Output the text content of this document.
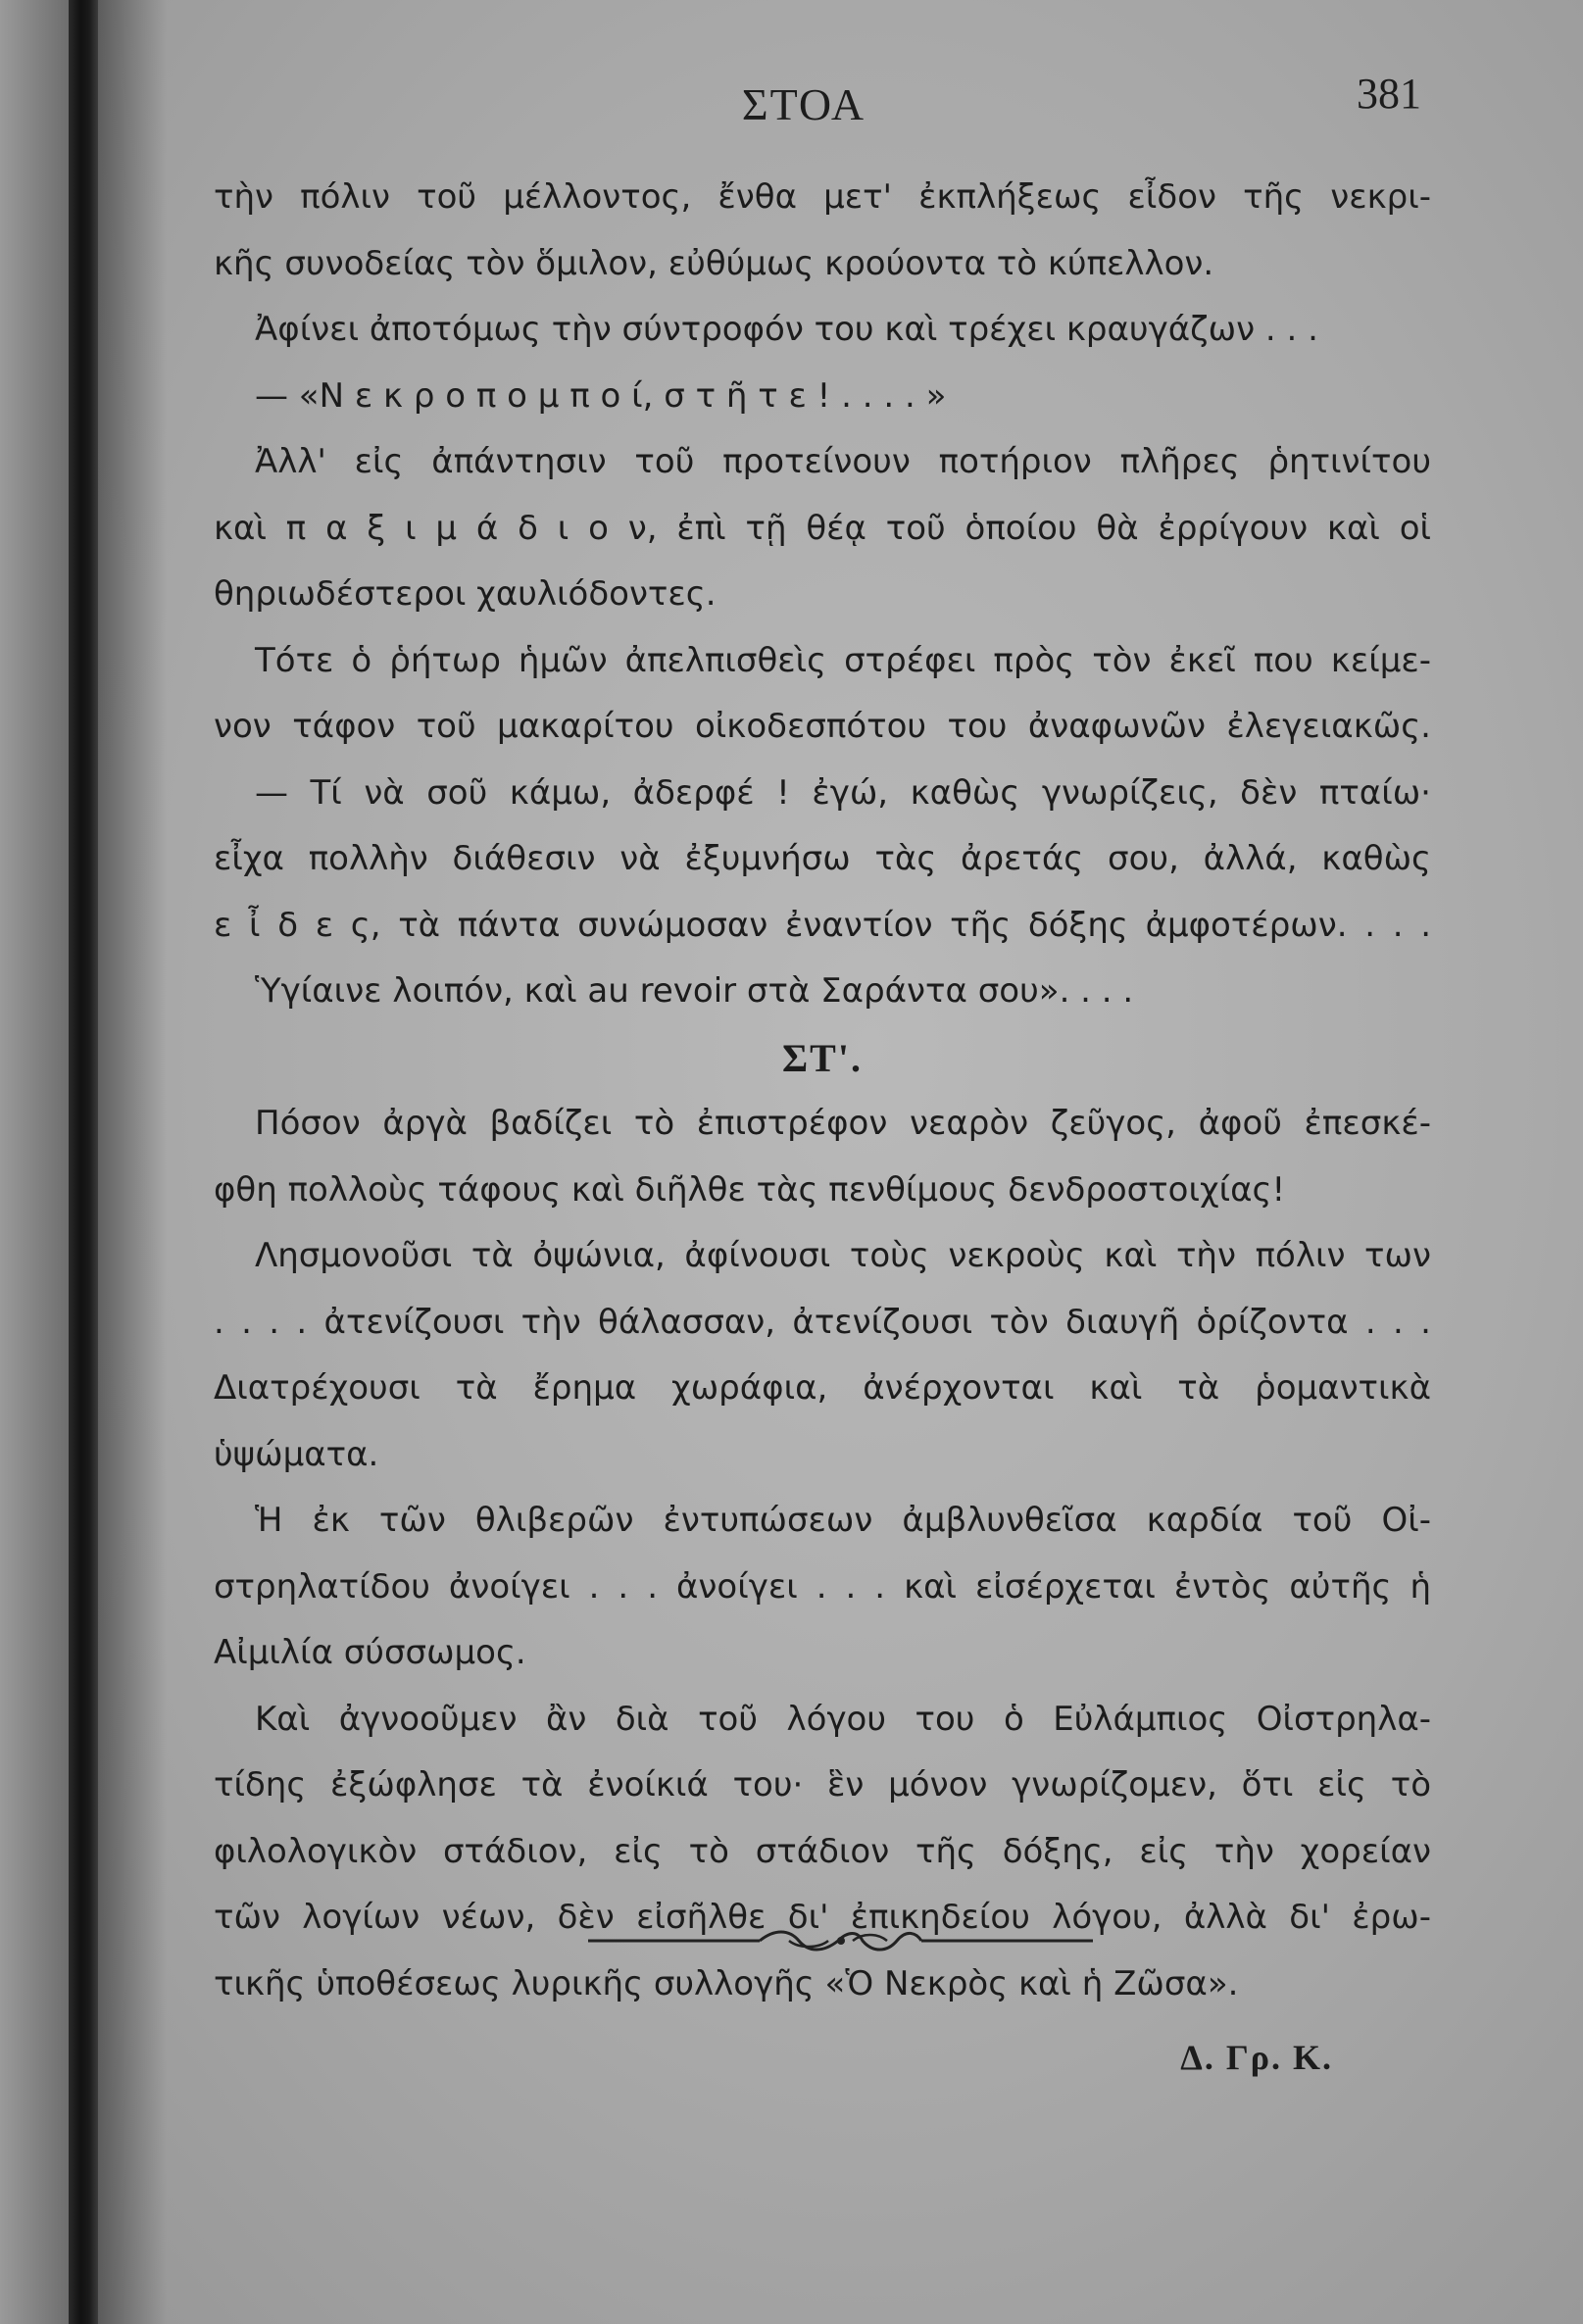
ΣΤΟΑ	381
τὴν πόλιν τοῦ μέλλοντος, ἔνθα μετ' ἐκπλήξεως εἶδον τῆς νεκρι-
κῆς συνοδείας τὸν ὅμιλον, εὐθύμως κρούοντα τὸ κύπελλον.
Ἀφίνει ἀποτόμως τὴν σύντροφόν του καὶ τρέχει κραυγάζων . . .
— «Ν ε κ ρ ο π ο μ π ο ί, σ τ ῆ τ ε ! . . . . »
Ἀλλ' εἰς ἀπάντησιν τοῦ προτείνουν ποτήριον πλῆρες ῥητινίτου
καὶ π α ξ ι μ ά δ ι ο ν, ἐπὶ τῇ θέᾳ τοῦ ὁποίου θὰ ἐρρίγουν καὶ οἱ
θηριωδέστεροι χαυλιόδοντες.
Τότε ὁ ῥήτωρ ἡμῶν ἀπελπισθεὶς στρέφει πρὸς τὸν ἐκεῖ που κείμε-
νον τάφον τοῦ μακαρίτου οἰκοδεσπότου του ἀναφωνῶν ἐλεγειακῶς.
— Τί νὰ σοῦ κάμω, ἀδερφέ ! ἐγώ, καθὼς γνωρίζεις, δὲν πταίω·
εἶχα πολλὴν διάθεσιν νὰ ἐξυμνήσω τὰς ἀρετάς σου, ἀλλά, καθὼς
ε ἶ δ ε ς, τὰ πάντα συνώμοσαν ἐναντίον τῆς δόξης ἀμφοτέρων. . . .
Ὑγίαινε λοιπόν, καὶ au revoir στὰ Σαράντα σου». . . .
ΣΤ'.
Πόσον ἀργὰ βαδίζει τὸ ἐπιστρέφον νεαρὸν ζεῦγος, ἀφοῦ ἐπεσκέ-
φθη πολλοὺς τάφους καὶ διῆλθε τὰς πενθίμους δενδροστοιχίας!
Λησμονοῦσι τὰ ὀψώνια, ἀφίνουσι τοὺς νεκροὺς καὶ τὴν πόλιν των
. . . . ἀτενίζουσι τὴν θάλασσαν, ἀτενίζουσι τὸν διαυγῆ ὁρίζοντα . . .
Διατρέχουσι τὰ ἔρημα χωράφια, ἀνέρχονται καὶ τὰ ῥομαντικὰ
ὑψώματα.
Ἡ ἐκ τῶν θλιβερῶν ἐντυπώσεων ἀμβλυνθεῖσα καρδία τοῦ Οἰ-
στρηλατίδου ἀνοίγει . . . ἀνοίγει . . . καὶ εἰσέρχεται ἐντὸς αὐτῆς ἡ
Αἰμιλία σύσσωμος.
Καὶ ἀγνοοῦμεν ἂν διὰ τοῦ λόγου του ὁ Εὐλάμπιος Οἰστρηλα-
τίδης ἐξώφλησε τὰ ἐνοίκιά του· ἓν μόνον γνωρίζομεν, ὅτι εἰς τὸ
φιλολογικὸν στάδιον, εἰς τὸ στάδιον τῆς δόξης, εἰς τὴν χορείαν
τῶν λογίων νέων, δὲν εἰσῆλθε δι' ἐπικηδείου λόγου, ἀλλὰ δι' ἐρω-
τικῆς ὑποθέσεως λυρικῆς συλλογῆς «Ὁ Νεκρὸς καὶ ἡ Ζῶσα».
Δ. Γρ. Κ.
